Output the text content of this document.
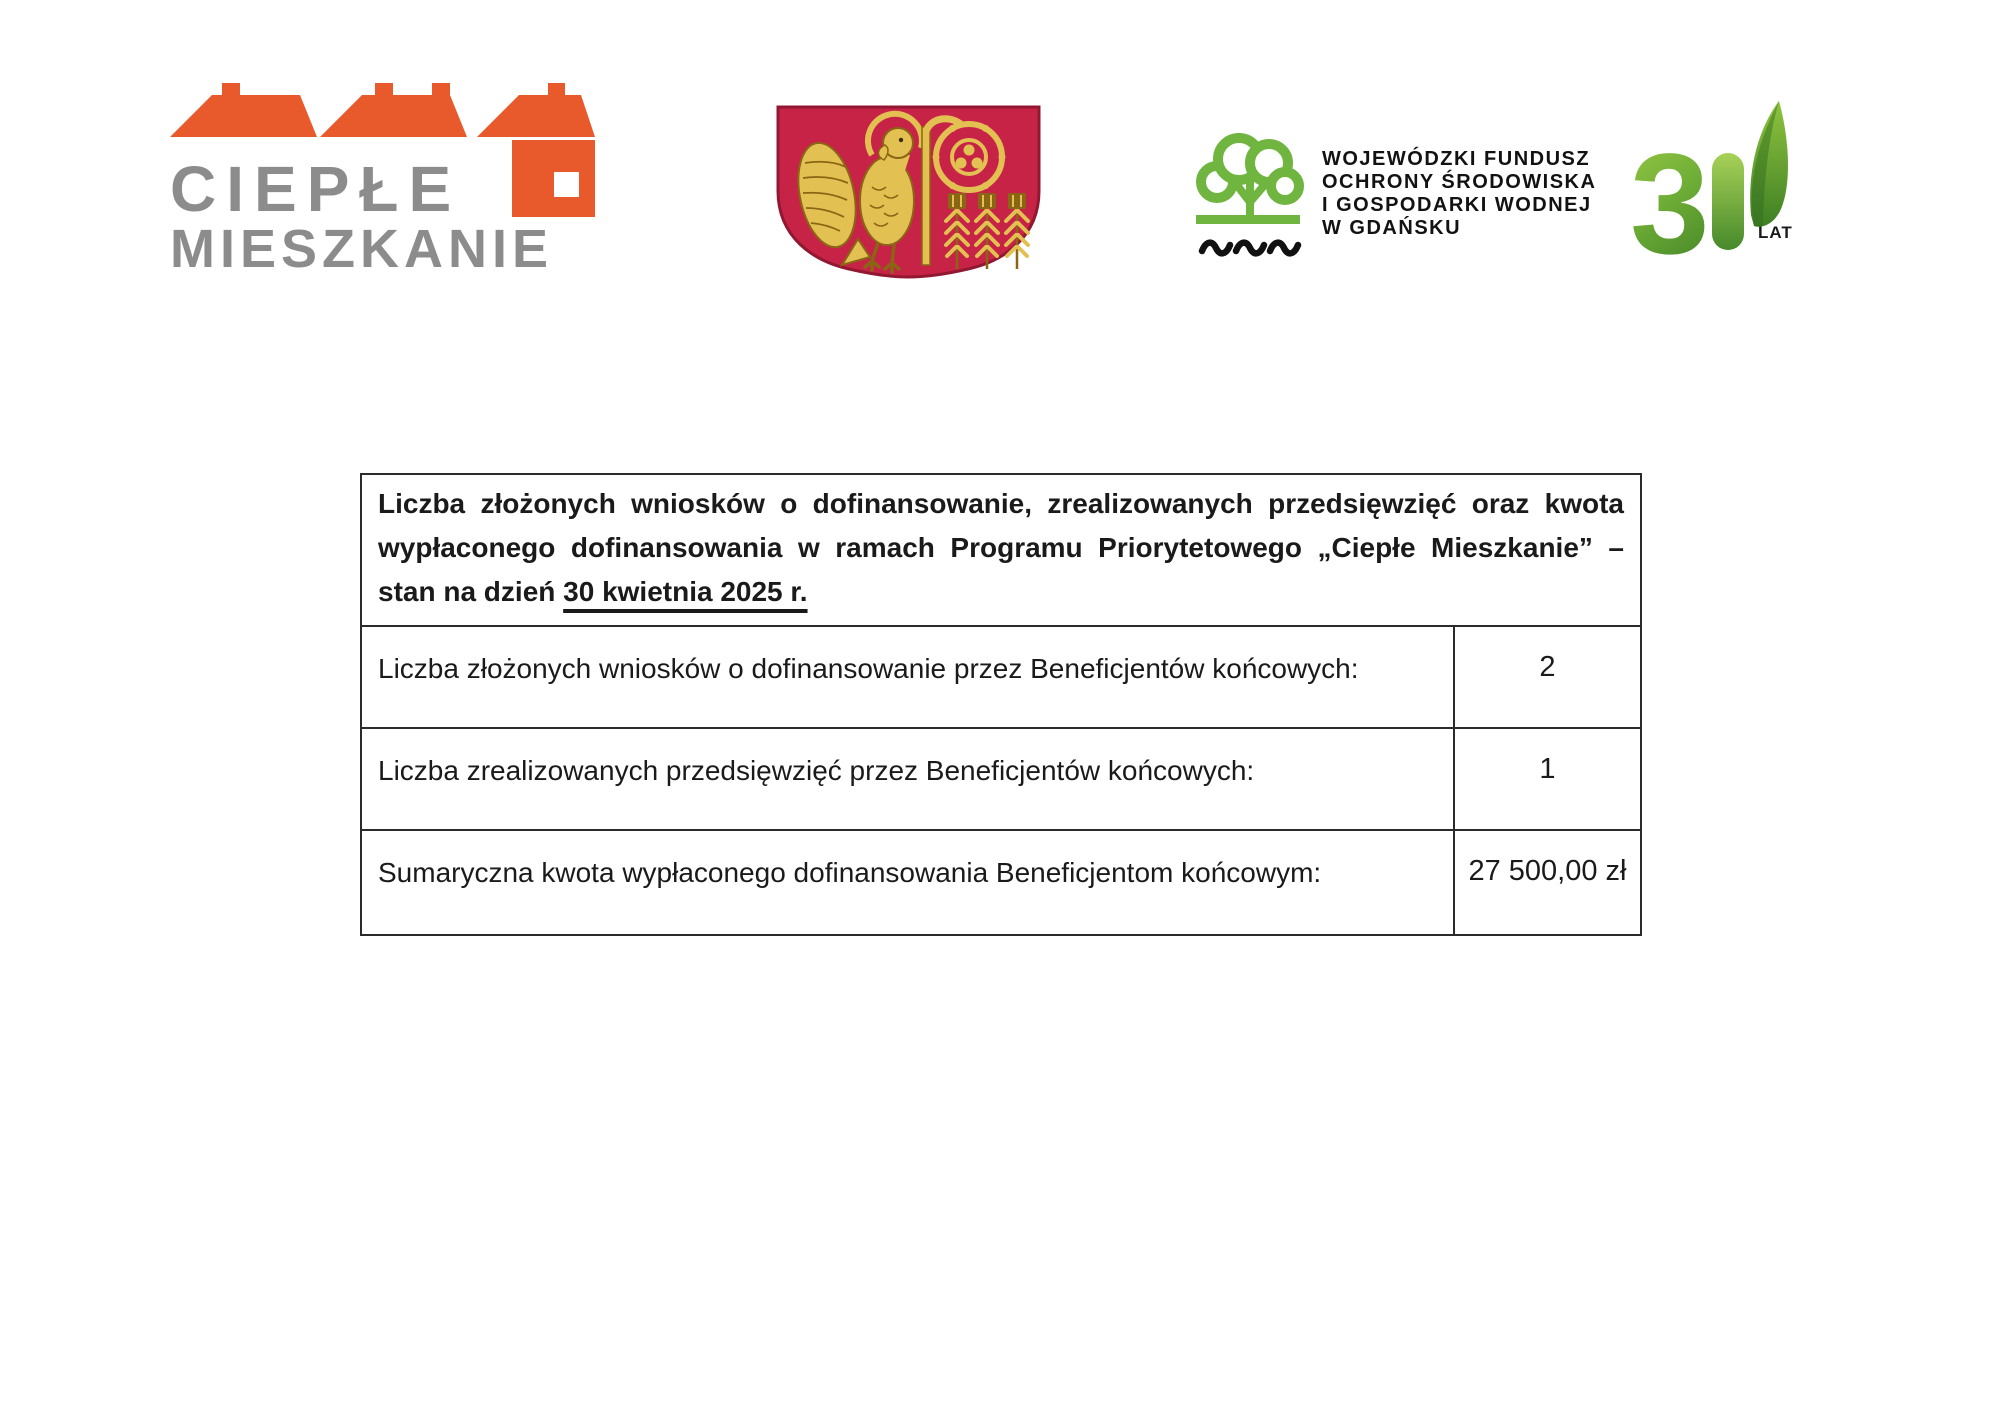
CIEPŁE
MIESZKANIE
WOJEWÓDZKI FUNDUSZ
OCHRONY ŚRODOWISKA
I GOSPODARKI WODNEJ
W GDAŃSKU	3	LAT
Liczba złożonych wniosków o dofinansowanie, zrealizowanych przedsięwzięć oraz kwota
wypłaconego dofinansowania w ramach Programu Priorytetowego „Ciepłe Mieszkanie” –
stan na dzień 30 kwietnia 2025 r.
Liczba złożonych wniosków o dofinansowanie przez Beneficjentów końcowych:	2
Liczba zrealizowanych przedsięwzięć przez Beneficjentów końcowych:	1
Sumaryczna kwota wypłaconego dofinansowania Beneficjentom końcowym:	27 500,00 zł
